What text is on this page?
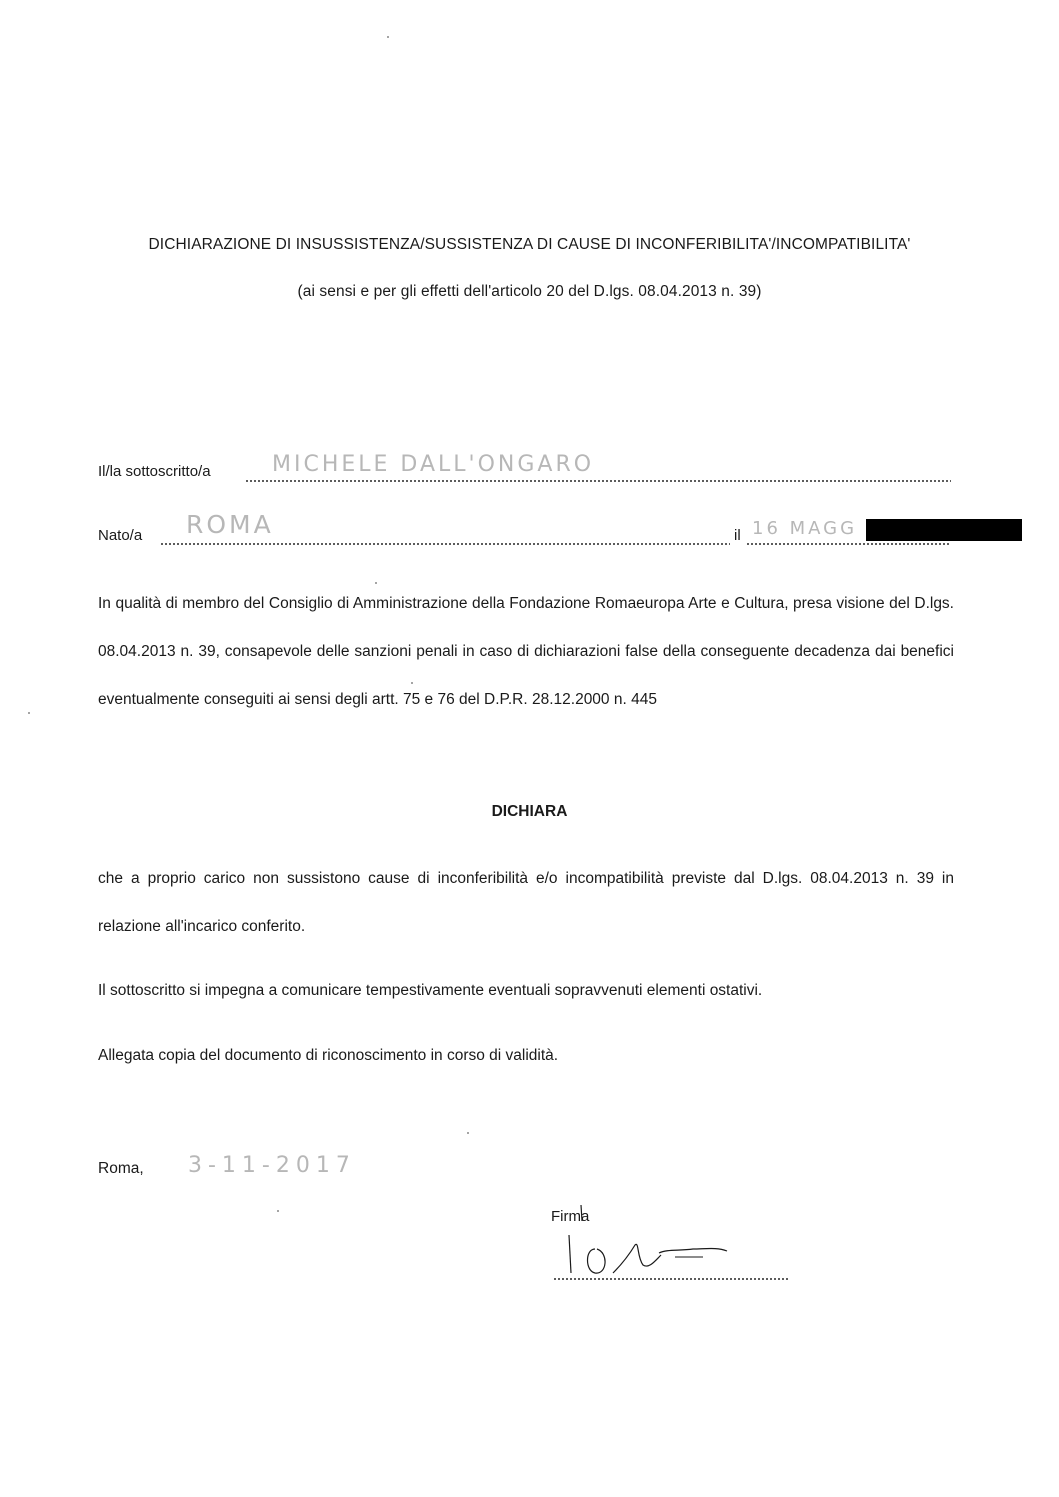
DICHIARAZIONE DI INSUSSISTENZA/SUSSISTENZA DI CAUSE DI INCONFERIBILITA'/INCOMPATIBILITA'
(ai sensi e per gli effetti dell'articolo 20 del D.lgs. 08.04.2013 n. 39)
Il/la sottoscritto/a	MICHELE DALL'ONGARO
Nato/a ROMA	il 16 MAGG
In qualità di membro del Consiglio di Amministrazione della Fondazione Romaeuropa Arte e Cultura, presa visione del D.lgs. 08.04.2013 n. 39, consapevole delle sanzioni penali in caso di dichiarazioni false della conseguente decadenza dai benefici eventualmente conseguiti ai sensi degli artt. 75 e 76 del D.P.R. 28.12.2000 n. 445
DICHIARA
che a proprio carico non sussistono cause di inconferibilità e/o incompatibilità previste dal D.lgs. 08.04.2013 n. 39 in relazione all'incarico conferito.
Il sottoscritto si impegna a comunicare tempestivamente eventuali sopravvenuti elementi ostativi.
Allegata copia del documento di riconoscimento in corso di validità.
Roma, 3-11-2017
Firma
